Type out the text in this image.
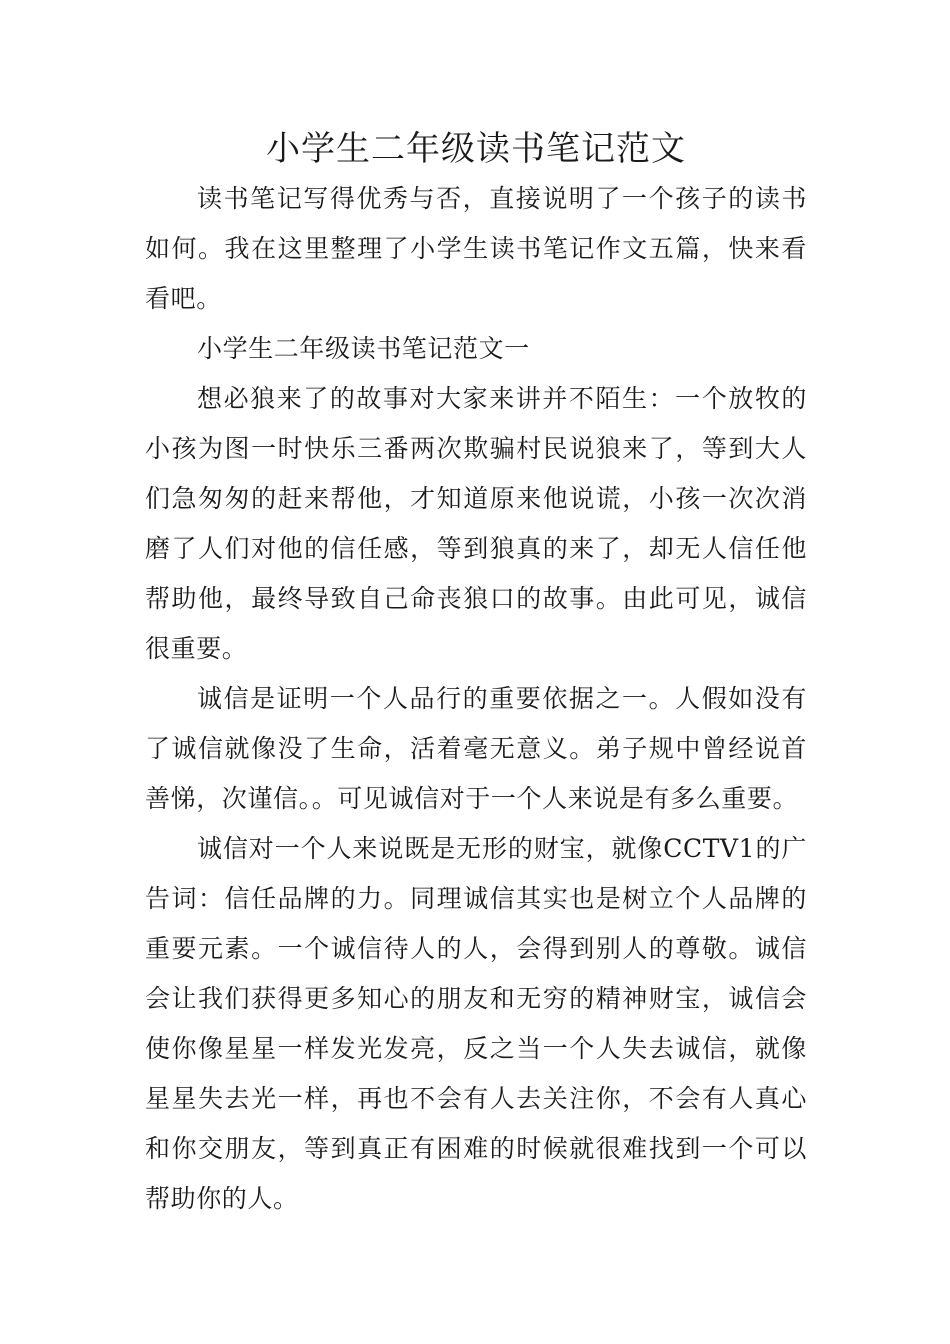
小学生二年级读书笔记范文

读书笔记写得优秀与否，直接说明了一个孩子的读书如何。我在这里整理了小学生读书笔记作文五篇，快来看看吧。

小学生二年级读书笔记范文一

想必狼来了的故事对大家来讲并不陌生：一个放牧的小孩为图一时快乐三番两次欺骗村民说狼来了，等到大人们急匆匆的赶来帮他，才知道原来他说谎，小孩一次次消磨了人们对他的信任感，等到狼真的来了，却无人信任他帮助他，最终导致自己命丧狼口的故事。由此可见，诚信很重要。

诚信是证明一个人品行的重要依据之一。人假如没有了诚信就像没了生命，活着毫无意义。弟子规中曾经说首善悌，次谨信。。可见诚信对于一个人来说是有多么重要。

诚信对一个人来说既是无形的财宝，就像CCTV1的广告词：信任品牌的力。同理诚信其实也是树立个人品牌的重要元素。一个诚信待人的人，会得到别人的尊敬。诚信会让我们获得更多知心的朋友和无穷的精神财宝，诚信会使你像星星一样发光发亮，反之当一个人失去诚信，就像星星失去光一样，再也不会有人去关注你，不会有人真心和你交朋友，等到真正有困难的时候就很难找到一个可以帮助你的人。
